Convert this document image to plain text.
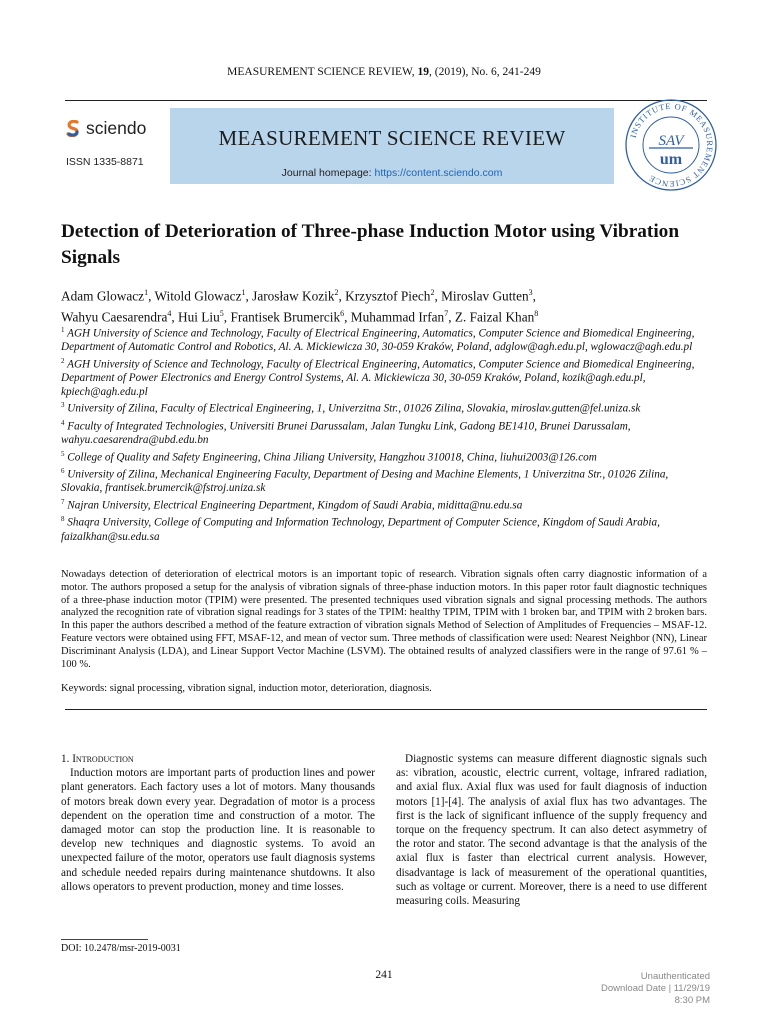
MEASUREMENT SCIENCE REVIEW, 19, (2019), No. 6, 241-249
sciendo
ISSN 1335-8871
MEASUREMENT SCIENCE REVIEW
Journal homepage: https://content.sciendo.com
INSTITUTE OF MEASUREMENT SCIENCE
SAV
um
Detection of Deterioration of Three-phase Induction Motor using Vibration Signals
Adam Glowacz$^1$, Witold Glowacz$^1$, Jarosław Kozik$^2$, Krzysztof Piech$^2$, Miroslav Gutten$^3$,
Wahyu Caesarendra$^4$, Hui Liu$^5$, Frantisek Brumercik$^6$, Muhammad Irfan$^7$, Z. Faizal Khan$^8$
$^1$ AGH University of Science and Technology, Faculty of Electrical Engineering, Automatics, Computer Science and Biomedical Engineering, Department of Automatic Control and Robotics, Al. A. Mickiewicza 30, 30-059 Kraków, Poland, adglow@agh.edu.pl, wglowacz@agh.edu.pl
$^2$ AGH University of Science and Technology, Faculty of Electrical Engineering, Automatics, Computer Science and Biomedical Engineering, Department of Power Electronics and Energy Control Systems, Al. A. Mickiewicza 30, 30-059 Kraków, Poland, kozik@agh.edu.pl, kpiech@agh.edu.pl
$^3$ University of Zilina, Faculty of Electrical Engineering, 1, Univerzitna Str., 01026 Zilina, Slovakia, miroslav.gutten@fel.uniza.sk
$^4$ Faculty of Integrated Technologies, Universiti Brunei Darussalam, Jalan Tungku Link, Gadong BE1410, Brunei Darussalam, wahyu.caesarendra@ubd.edu.bn
$^5$ College of Quality and Safety Engineering, China Jiliang University, Hangzhou 310018, China, liuhui2003@126.com
$^6$ University of Zilina, Mechanical Engineering Faculty, Department of Desing and Machine Elements, 1 Univerzitna Str., 01026 Zilina, Slovakia, frantisek.brumercik@fstroj.uniza.sk
$^7$ Najran University, Electrical Engineering Department, Kingdom of Saudi Arabia, miditta@nu.edu.sa
$^8$ Shaqra University, College of Computing and Information Technology, Department of Computer Science, Kingdom of Saudi Arabia, faizalkhan@su.edu.sa
Nowadays detection of deterioration of electrical motors is an important topic of research. Vibration signals often carry diagnostic information of a motor. The authors proposed a setup for the analysis of vibration signals of three-phase induction motors. In this paper rotor fault diagnostic techniques of a three-phase induction motor (TPIM) were presented. The presented techniques used vibration signals and signal processing methods. The authors analyzed the recognition rate of vibration signal readings for 3 states of the TPIM: healthy TPIM, TPIM with 1 broken bar, and TPIM with 2 broken bars. In this paper the authors described a method of the feature extraction of vibration signals Method of Selection of Amplitudes of Frequencies – MSAF-12. Feature vectors were obtained using FFT, MSAF-12, and mean of vector sum. Three methods of classification were used: Nearest Neighbor (NN), Linear Discriminant Analysis (LDA), and Linear Support Vector Machine (LSVM). The obtained results of analyzed classifiers were in the range of 97.61 % – 100 %.
Keywords: signal processing, vibration signal, induction motor, deterioration, diagnosis.
1. Introduction

Induction motors are important parts of production lines and power plant generators. Each factory uses a lot of motors. Many thousands of motors break down every year. Degradation of motor is a process dependent on the operation time and construction of a motor. The damaged motor can stop the production line. It is reasonable to develop new techniques and diagnostic systems. To avoid an unexpected failure of the motor, operators use fault diagnosis systems and schedule needed repairs during maintenance shutdowns. It also allows operators to prevent production, money and time losses.

Diagnostic systems can measure different diagnostic signals such as: vibration, acoustic, electric current, voltage, infrared radiation, and axial flux. Axial flux was used for fault diagnosis of induction motors [1]-[4]. The analysis of axial flux has two advantages. The first is the lack of significant influence of the supply frequency and torque on the frequency spectrum. It can also detect asymmetry of the rotor and stator. The second advantage is that the analysis of the axial flux is faster than electrical current analysis. However, disadvantage is lack of measurement of the operational quantities, such as voltage or current. Moreover, there is a need to use different measuring coils. Measuring

DOI: 10.2478/msr-2019-0031
241	Unauthenticated
Download Date | 11/29/19 8:30 PM
